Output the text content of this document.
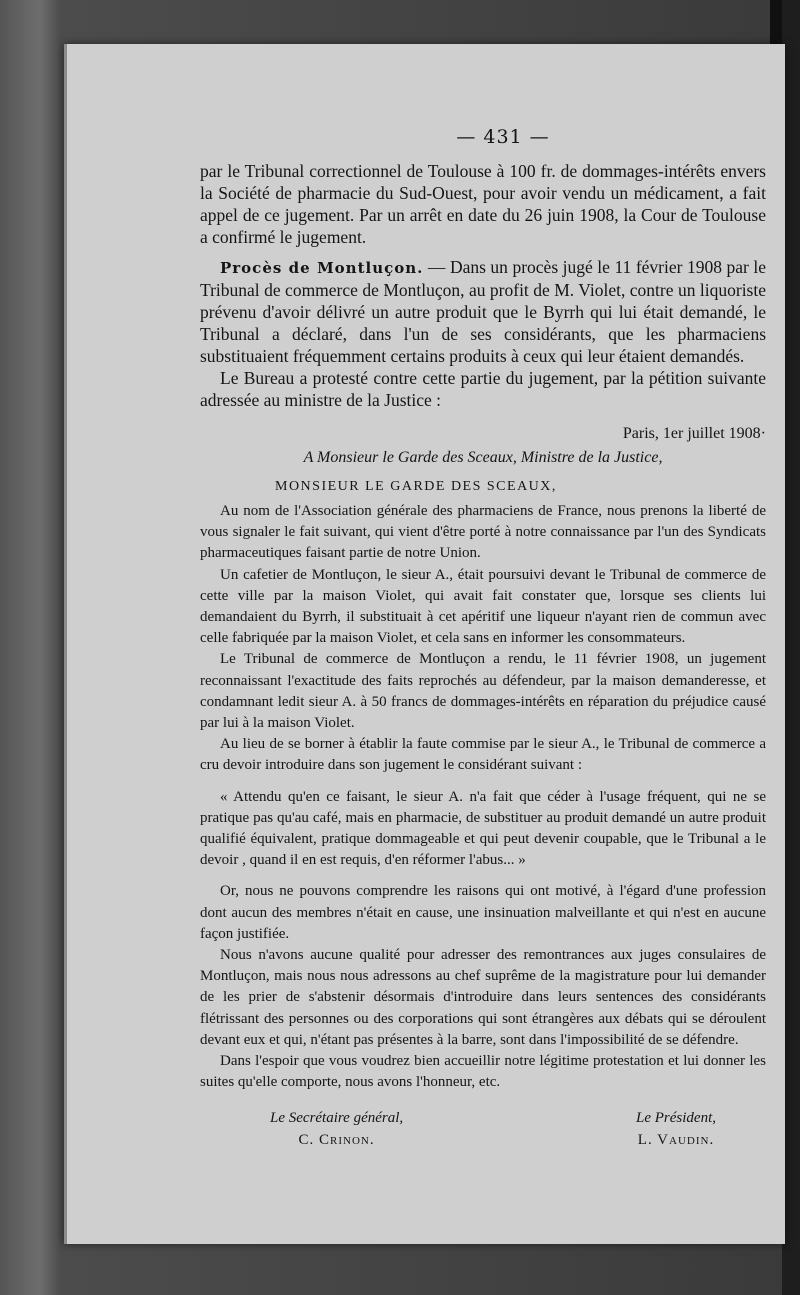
— 431 —

par le Tribunal correctionnel de Toulouse à 100 fr. de dommages-intérêts envers la Société de pharmacie du Sud-Ouest, pour avoir vendu un médicament, a fait appel de ce jugement. Par un arrêt en date du 26 juin 1908, la Cour de Toulouse a confirmé le jugement.

Procès de Montluçon. — Dans un procès jugé le 11 février 1908 par le Tribunal de commerce de Montluçon, au profit de M. Violet, contre un liquoriste prévenu d'avoir délivré un autre produit que le Byrrh qui lui était demandé, le Tribunal a déclaré, dans l'un de ses considérants, que les pharmaciens substituaient fréquemment certains produits à ceux qui leur étaient demandés.

Le Bureau a protesté contre cette partie du jugement, par la pétition suivante adressée au ministre de la Justice :

Paris, 1er juillet 1908·
A Monsieur le Garde des Sceaux, Ministre de la Justice,
MONSIEUR LE GARDE DES SCEAUX,

Au nom de l'Association générale des pharmaciens de France, nous prenons la liberté de vous signaler le fait suivant, qui vient d'être porté à notre connaissance par l'un des Syndicats pharmaceutiques faisant partie de notre Union.

Un cafetier de Montluçon, le sieur A., était poursuivi devant le Tribunal de commerce de cette ville par la maison Violet, qui avait fait constater que, lorsque ses clients lui demandaient du Byrrh, il substituait à cet apéritif une liqueur n'ayant rien de commun avec celle fabriquée par la maison Violet, et cela sans en informer les consommateurs.

Le Tribunal de commerce de Montluçon a rendu, le 11 février 1908, un jugement reconnaissant l'exactitude des faits reprochés au défendeur, par la maison demanderesse, et condamnant ledit sieur A. à 50 francs de dommages-intérêts en réparation du préjudice causé par lui à la maison Violet.

Au lieu de se borner à établir la faute commise par le sieur A., le Tribunal de commerce a cru devoir introduire dans son jugement le considérant suivant :

« Attendu qu'en ce faisant, le sieur A. n'a fait que céder à l'usage fréquent, qui ne se pratique pas qu'au café, mais en pharmacie, de substituer au produit demandé un autre produit qualifié équivalent, pratique dommageable et qui peut devenir coupable, que le Tribunal a le devoir , quand il en est requis, d'en réformer l'abus... »

Or, nous ne pouvons comprendre les raisons qui ont motivé, à l'égard d'une profession dont aucun des membres n'était en cause, une insinuation malveillante et qui n'est en aucune façon justifiée.

Nous n'avons aucune qualité pour adresser des remontrances aux juges consulaires de Montluçon, mais nous nous adressons au chef suprême de la magistrature pour lui demander de les prier de s'abstenir désormais d'introduire dans leurs sentences des considérants flétrissant des personnes ou des corporations qui sont étrangères aux débats qui se déroulent devant eux et qui, n'étant pas présentes à la barre, sont dans l'impossibilité de se défendre.

Dans l'espoir que vous voudrez bien accueillir notre légitime protestation et lui donner les suites qu'elle comporte, nous avons l'honneur, etc.

Le Secrétaire général,
C. Crinon.
Le Président,
L. Vaudin.
